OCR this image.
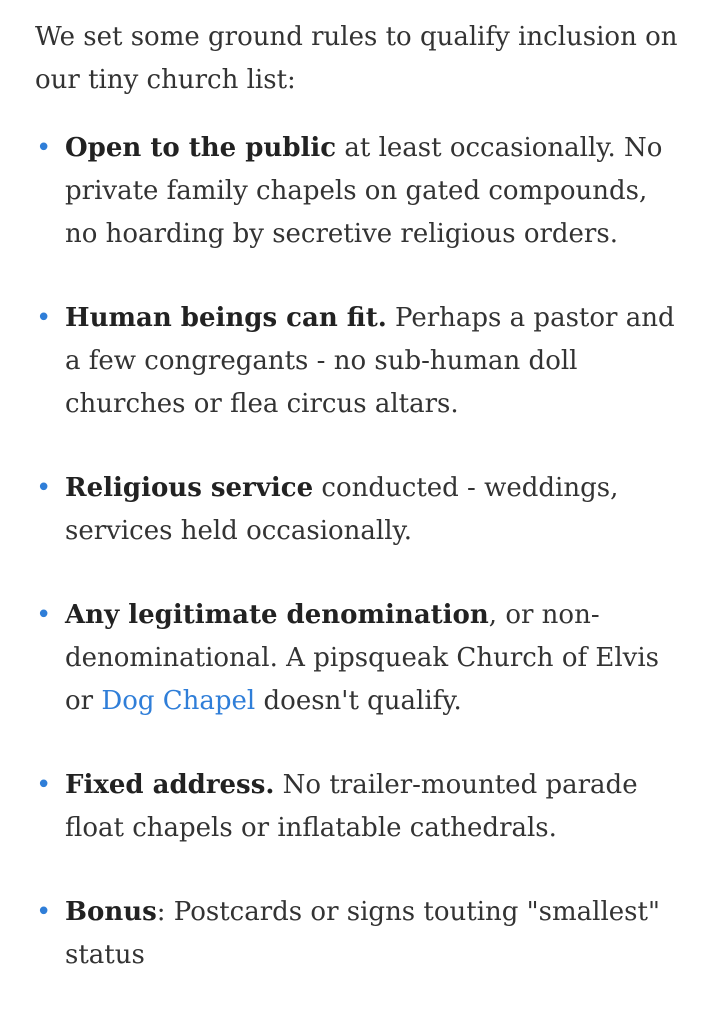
We set some ground rules to qualify inclusion on our tiny church list:

• Open to the public at least occasionally. No private family chapels on gated compounds, no hoarding by secretive religious orders.
• Human beings can fit. Perhaps a pastor and a few congregants - no sub-human doll churches or flea circus altars.
• Religious service conducted - weddings, services held occasionally.
• Any legitimate denomination, or non-denominational. A pipsqueak Church of Elvis or Dog Chapel doesn't qualify.
• Fixed address. No trailer-mounted parade float chapels or inflatable cathedrals.
• Bonus: Postcards or signs touting "smallest" status
